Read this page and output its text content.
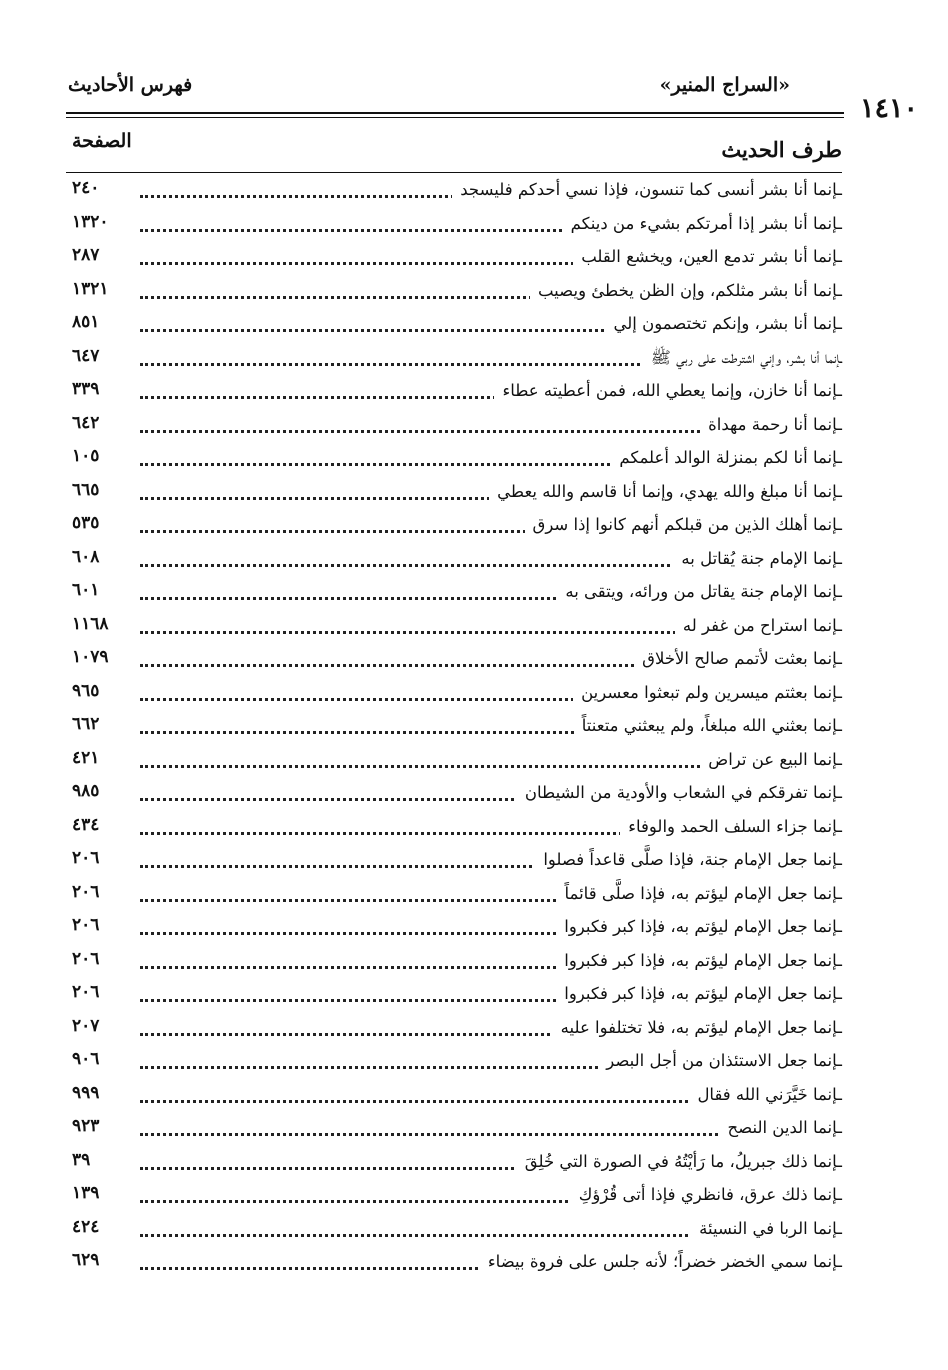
١٤١٠
«السراج المنير»
فهرس الأحاديث
طرف الحديث
الصفحة
ـإنما أنا بشر أنسى كما تنسون، فإذا نسي أحدكم فليسجد
٢٤٠
ـإنما أنا بشر إذا أمرتكم بشيء من دينكم
١٣٢٠
ـإنما أنا بشر تدمع العين، ويخشع القلب
٢٨٧
ـإنما أنا بشر مثلكم، وإن الظن يخطئ ويصيب
١٣٢١
ـإنما أنا بشر، وإنكم تختصمون إلي
٨٥١
ـإنما أنا بشر، وإني اشترطت على ربي ﷺ
٦٤٧
ـإنما أنا خازن، وإنما يعطي الله، فمن أعطيته عطاء
٣٣٩
ـإنما أنا رحمة مهداة
٦٤٢
ـإنما أنا لكم بمنزلة الوالد أعلمكم
١٠٥
ـإنما أنا مبلغ والله يهدي، وإنما أنا قاسم والله يعطي
٦٦٥
ـإنما أهلك الذين من قبلكم أنهم كانوا إذا سرق
٥٣٥
ـإنما الإمام جنة يُقاتل به
٦٠٨
ـإنما الإمام جنة يقاتل من ورائه، ويتقى به
٦٠١
ـإنما استراح من غفر له
١١٦٨
ـإنما بعثت لأتمم صالح الأخلاق
١٠٧٩
ـإنما بعثتم ميسرين ولم تبعثوا معسرين
٩٦٥
ـإنما بعثني الله مبلغاً، ولم يبعثني متعنتاً
٦٦٢
ـإنما البيع عن تراض
٤٢١
ـإنما تفرقكم في الشعاب والأودية من الشيطان
٩٨٥
ـإنما جزاء السلف الحمد والوفاء
٤٣٤
ـإنما جعل الإمام جنة، فإذا صلَّى قاعداً فصلوا
٢٠٦
ـإنما جعل الإمام ليؤتم به، فإذا صلَّى قائماً
٢٠٦
ـإنما جعل الإمام ليؤتم به، فإذا كبر فكبروا
٢٠٦
ـإنما جعل الإمام ليؤتم به، فإذا كبر فكبروا
٢٠٦
ـإنما جعل الإمام ليؤتم به، فإذا كبر فكبروا
٢٠٦
ـإنما جعل الإمام ليؤتم به، فلا تختلفوا عليه
٢٠٧
ـإنما جعل الاستئذان من أجل البصر
٩٠٦
ـإنما خَيَّرَني الله فقال
٩٩٩
ـإنما الدين النصح
٩٢٣
ـإنما ذلك جبريلُ، ما رَأيْتُهُ في الصورة التي خُلِقَ
٣٩
ـإنما ذلك عرق، فانظري فإذا أتى قُرْؤكِ
١٣٩
ـإنما الربا في النسيئة
٤٢٤
ـإنما سمي الخضر خضراً؛ لأنه جلس على فروة بيضاء
٦٢٩
